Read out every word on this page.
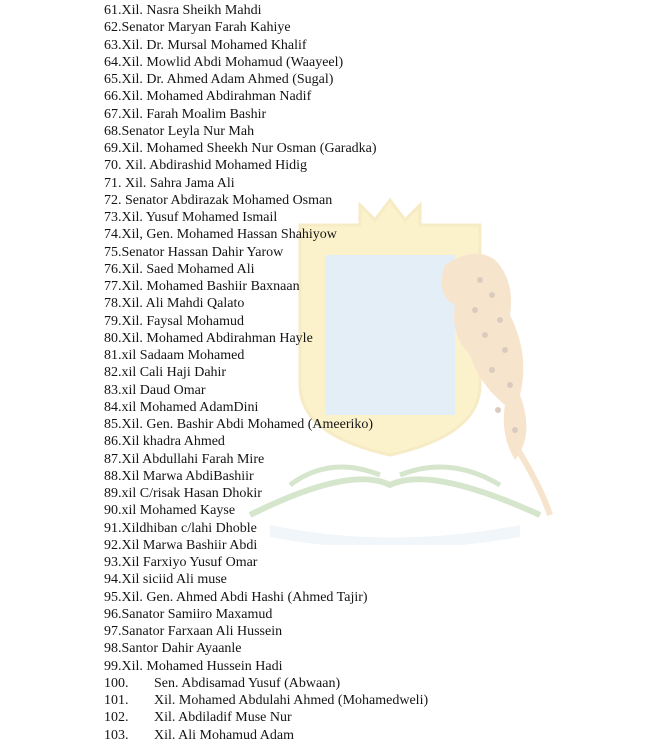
61.Xil. Nasra Sheikh Mahdi
62.Senator Maryan Farah Kahiye
63.Xil. Dr. Mursal Mohamed Khalif
64.Xil. Mowlid Abdi Mohamud (Waayeel)
65.Xil. Dr. Ahmed Adam Ahmed (Sugal)
66.Xil. Mohamed Abdirahman Nadif
67.Xil. Farah Moalim Bashir
68.Senator Leyla Nur Mah
69.Xil. Mohamed Sheekh Nur Osman (Garadka)
70. Xil. Abdirashid Mohamed Hidig
71. Xil. Sahra Jama Ali
72. Senator Abdirazak Mohamed Osman
73.Xil. Yusuf Mohamed Ismail
74.Xil, Gen. Mohamed Hassan Shahiyow
75.Senator Hassan Dahir Yarow
76.Xil. Saed Mohamed Ali
77.Xil. Mohamed Bashiir Baxnaan
78.Xil. Ali Mahdi Qalato
79.Xil. Faysal Mohamud
80.Xil. Mohamed Abdirahman Hayle
81.xil Sadaam Mohamed
82.xil Cali Haji Dahir
83.xil Daud Omar
84.xil Mohamed AdamDini
85.Xil. Gen. Bashir Abdi Mohamed (Ameeriko)
86.Xil khadra Ahmed
87.Xil Abdullahi Farah Mire
88.Xil Marwa AbdiBashiir
89.xil C/risak Hasan Dhokir
90.xil Mohamed Kayse
91.Xildhiban c/lahi Dhoble
92.Xil Marwa Bashiir Abdi
93.Xil Farxiyo Yusuf Omar
94.Xil siciid Ali muse
95.Xil. Gen. Ahmed Abdi Hashi (Ahmed Tajir)
96.Sanator Samiiro Maxamud
97.Sanator Farxaan Ali Hussein
98.Santor Dahir Ayaanle
99.Xil. Mohamed Hussein Hadi
100. Sen. Abdisamad Yusuf (Abwaan)
101. Xil. Mohamed Abdulahi Ahmed (Mohamedweli)
102. Xil. Abdiladif Muse Nur
103. Xil. Ali Mohamud Adam
